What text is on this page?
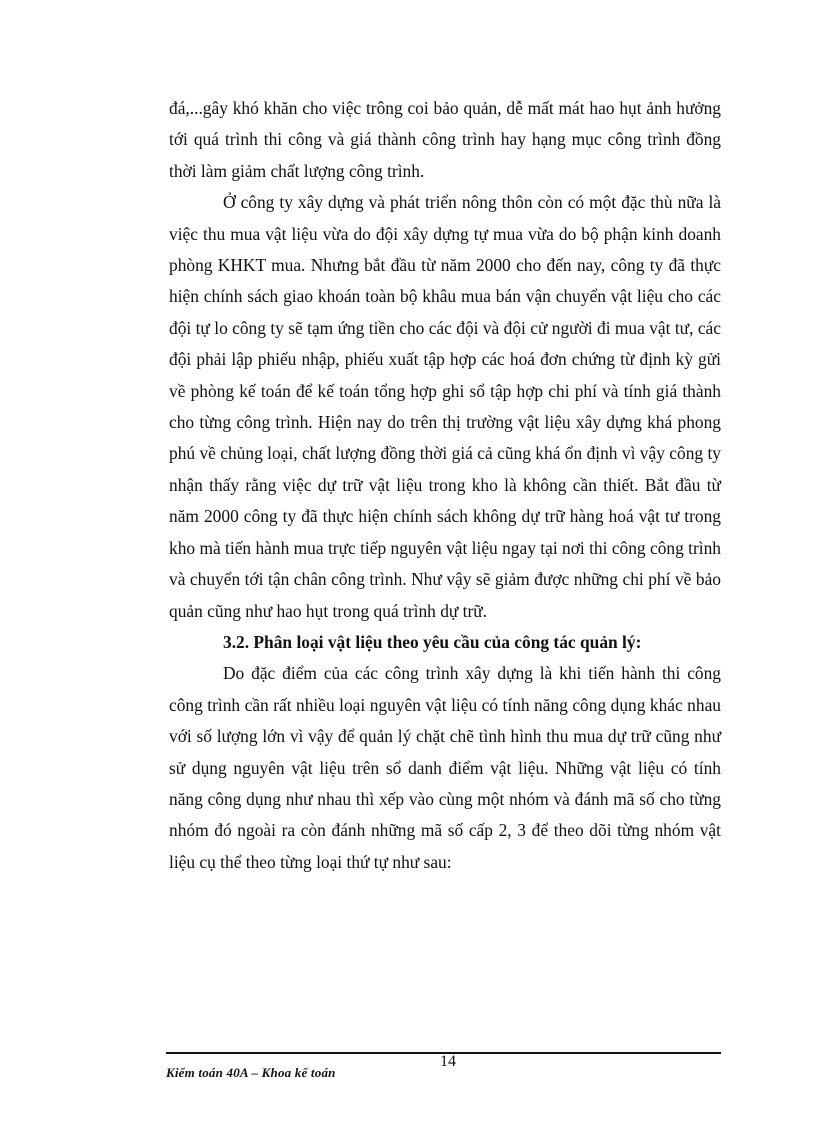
đá,...gây khó khăn cho việc trông coi bảo quản, dễ mất mát hao hụt ảnh hưởng tới quá trình thi công và giá thành công trình hay hạng mục công trình đồng thời làm giảm chất lượng công trình.

Ở công ty xây dựng và phát triển nông thôn còn có một đặc thù nữa là việc thu mua vật liệu vừa do đội xây dựng tự mua vừa do bộ phận kinh doanh phòng KHKT mua. Nhưng bắt đầu từ năm 2000 cho đến nay, công ty đã thực hiện chính sách giao khoán toàn bộ khâu mua bán vận chuyển vật liệu cho các đội tự lo công ty sẽ tạm ứng tiền cho các đội và đội cử người đi mua vật tư, các đội phải lập phiếu nhập, phiếu xuất tập hợp các hoá đơn chứng từ định kỳ gửi về phòng kế toán để kế toán tổng hợp ghi sổ tập hợp chi phí và tính giá thành cho từng công trình. Hiện nay do trên thị trường vật liệu xây dựng khá phong phú về chủng loại, chất lượng đồng thời giá cả cũng khá ổn định vì vậy công ty nhận thấy rằng việc dự trữ vật liệu trong kho là không cần thiết. Bắt đầu từ năm 2000 công ty đã thực hiện chính sách không dự trữ hàng hoá vật tư trong kho mà tiến hành mua trực tiếp nguyên vật liệu ngay tại nơi thi công công trình và chuyển tới tận chân công trình. Như vậy sẽ giảm được những chi phí về bảo quản cũng như hao hụt trong quá trình dự trữ.

3.2. Phân loại vật liệu theo yêu cầu của công tác quản lý:

Do đặc điểm của các công trình xây dựng là khi tiến hành thi công công trình cần rất nhiều loại nguyên vật liệu có tính năng công dụng khác nhau với số lượng lớn vì vậy để quản lý chặt chẽ tình hình thu mua dự trữ cũng như sử dụng nguyên vật liệu trên sổ danh điểm vật liệu. Những vật liệu có tính năng công dụng như nhau thì xếp vào cùng một nhóm và đánh mã số cho từng nhóm đó ngoài ra còn đánh những mã số cấp 2, 3 để theo dõi từng nhóm vật liệu cụ thể theo từng loại thứ tự như sau:

Kiểm toán 40A – Khoa kế toán
14
